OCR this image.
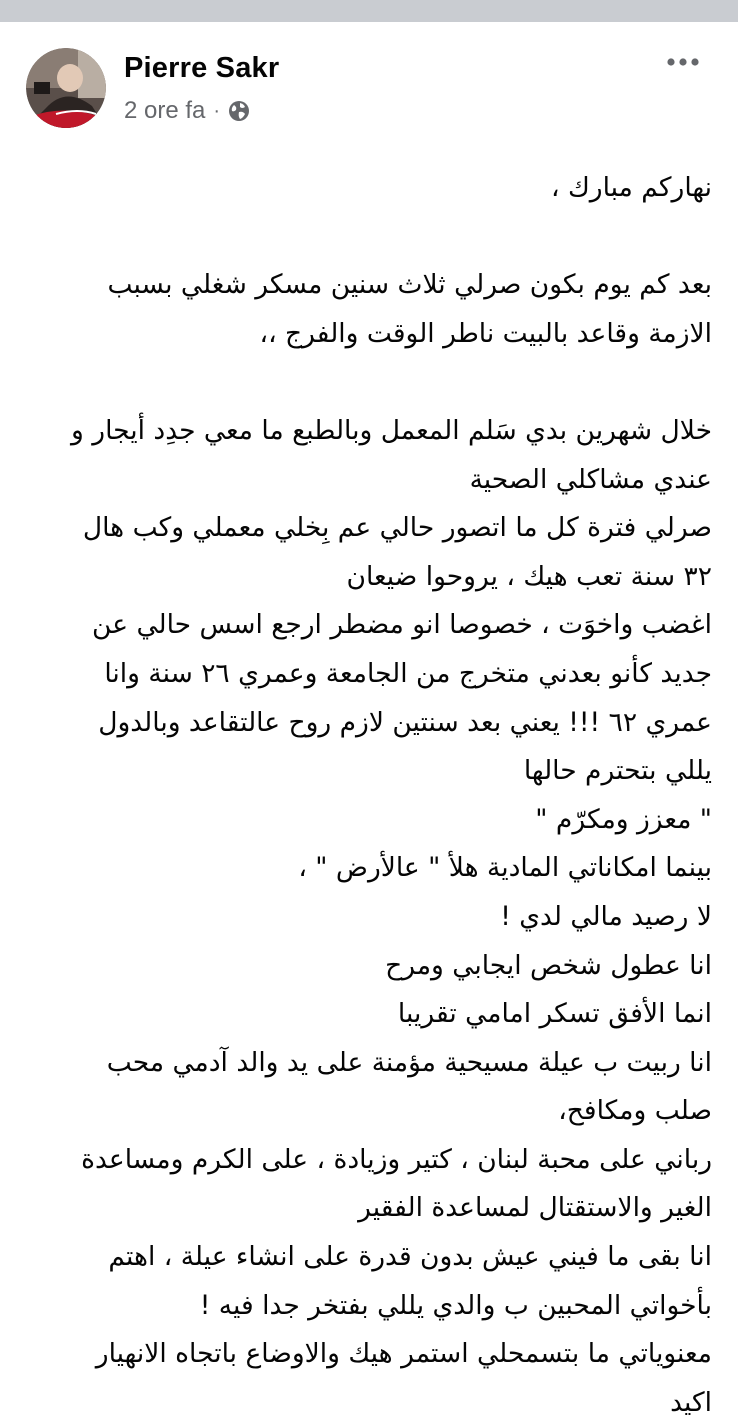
Pierre Sakr
2 ore fa ·
نهاركم مبارك ،
بعد كم يوم بكون صرلي ثلاث سنين مسكر شغلي بسبب
الازمة وقاعد بالبيت ناطر الوقت والفرج ،،
خلال شهرين بدي سَلم المعمل وبالطبع ما معي جدِد أيجار و
عندي مشاكلي الصحية
صرلي فترة كل ما اتصور حالي عم بِخلي معملي وكب هال
٣٢ سنة تعب هيك ، يروحوا ضيعان
اغضب واخوَت ، خصوصا انو مضطر ارجع اسس حالي عن
جديد كأنو بعدني متخرج من الجامعة وعمري ٢٦ سنة وانا
عمري ٦٢ !!! يعني بعد سنتين لازم روح عالتقاعد وبالدول
يللي بتحترم حالها
" معزز ومكرّم "
بينما امكاناتي المادية هلأ " عالأرض " ،
لا رصيد مالي لدي !
انا عطول شخص ايجابي ومرح
انما الأفق تسكر امامي تقريبا
انا ربيت ب عيلة مسيحية مؤمنة على يد والد آدمي محب
صلب ومكافح،
رباني على محبة لبنان ، كتير وزيادة ، على الكرم ومساعدة
الغير والاستقتال لمساعدة الفقير
انا بقى ما فيني عيش بدون قدرة على انشاء عيلة ، اهتم
بأخواتي المحبين ب والدي يللي بفتخر جدا فيه !
معنوياتي ما بتسمحلي استمر هيك والاوضاع باتجاه الانهيار
اكيد
